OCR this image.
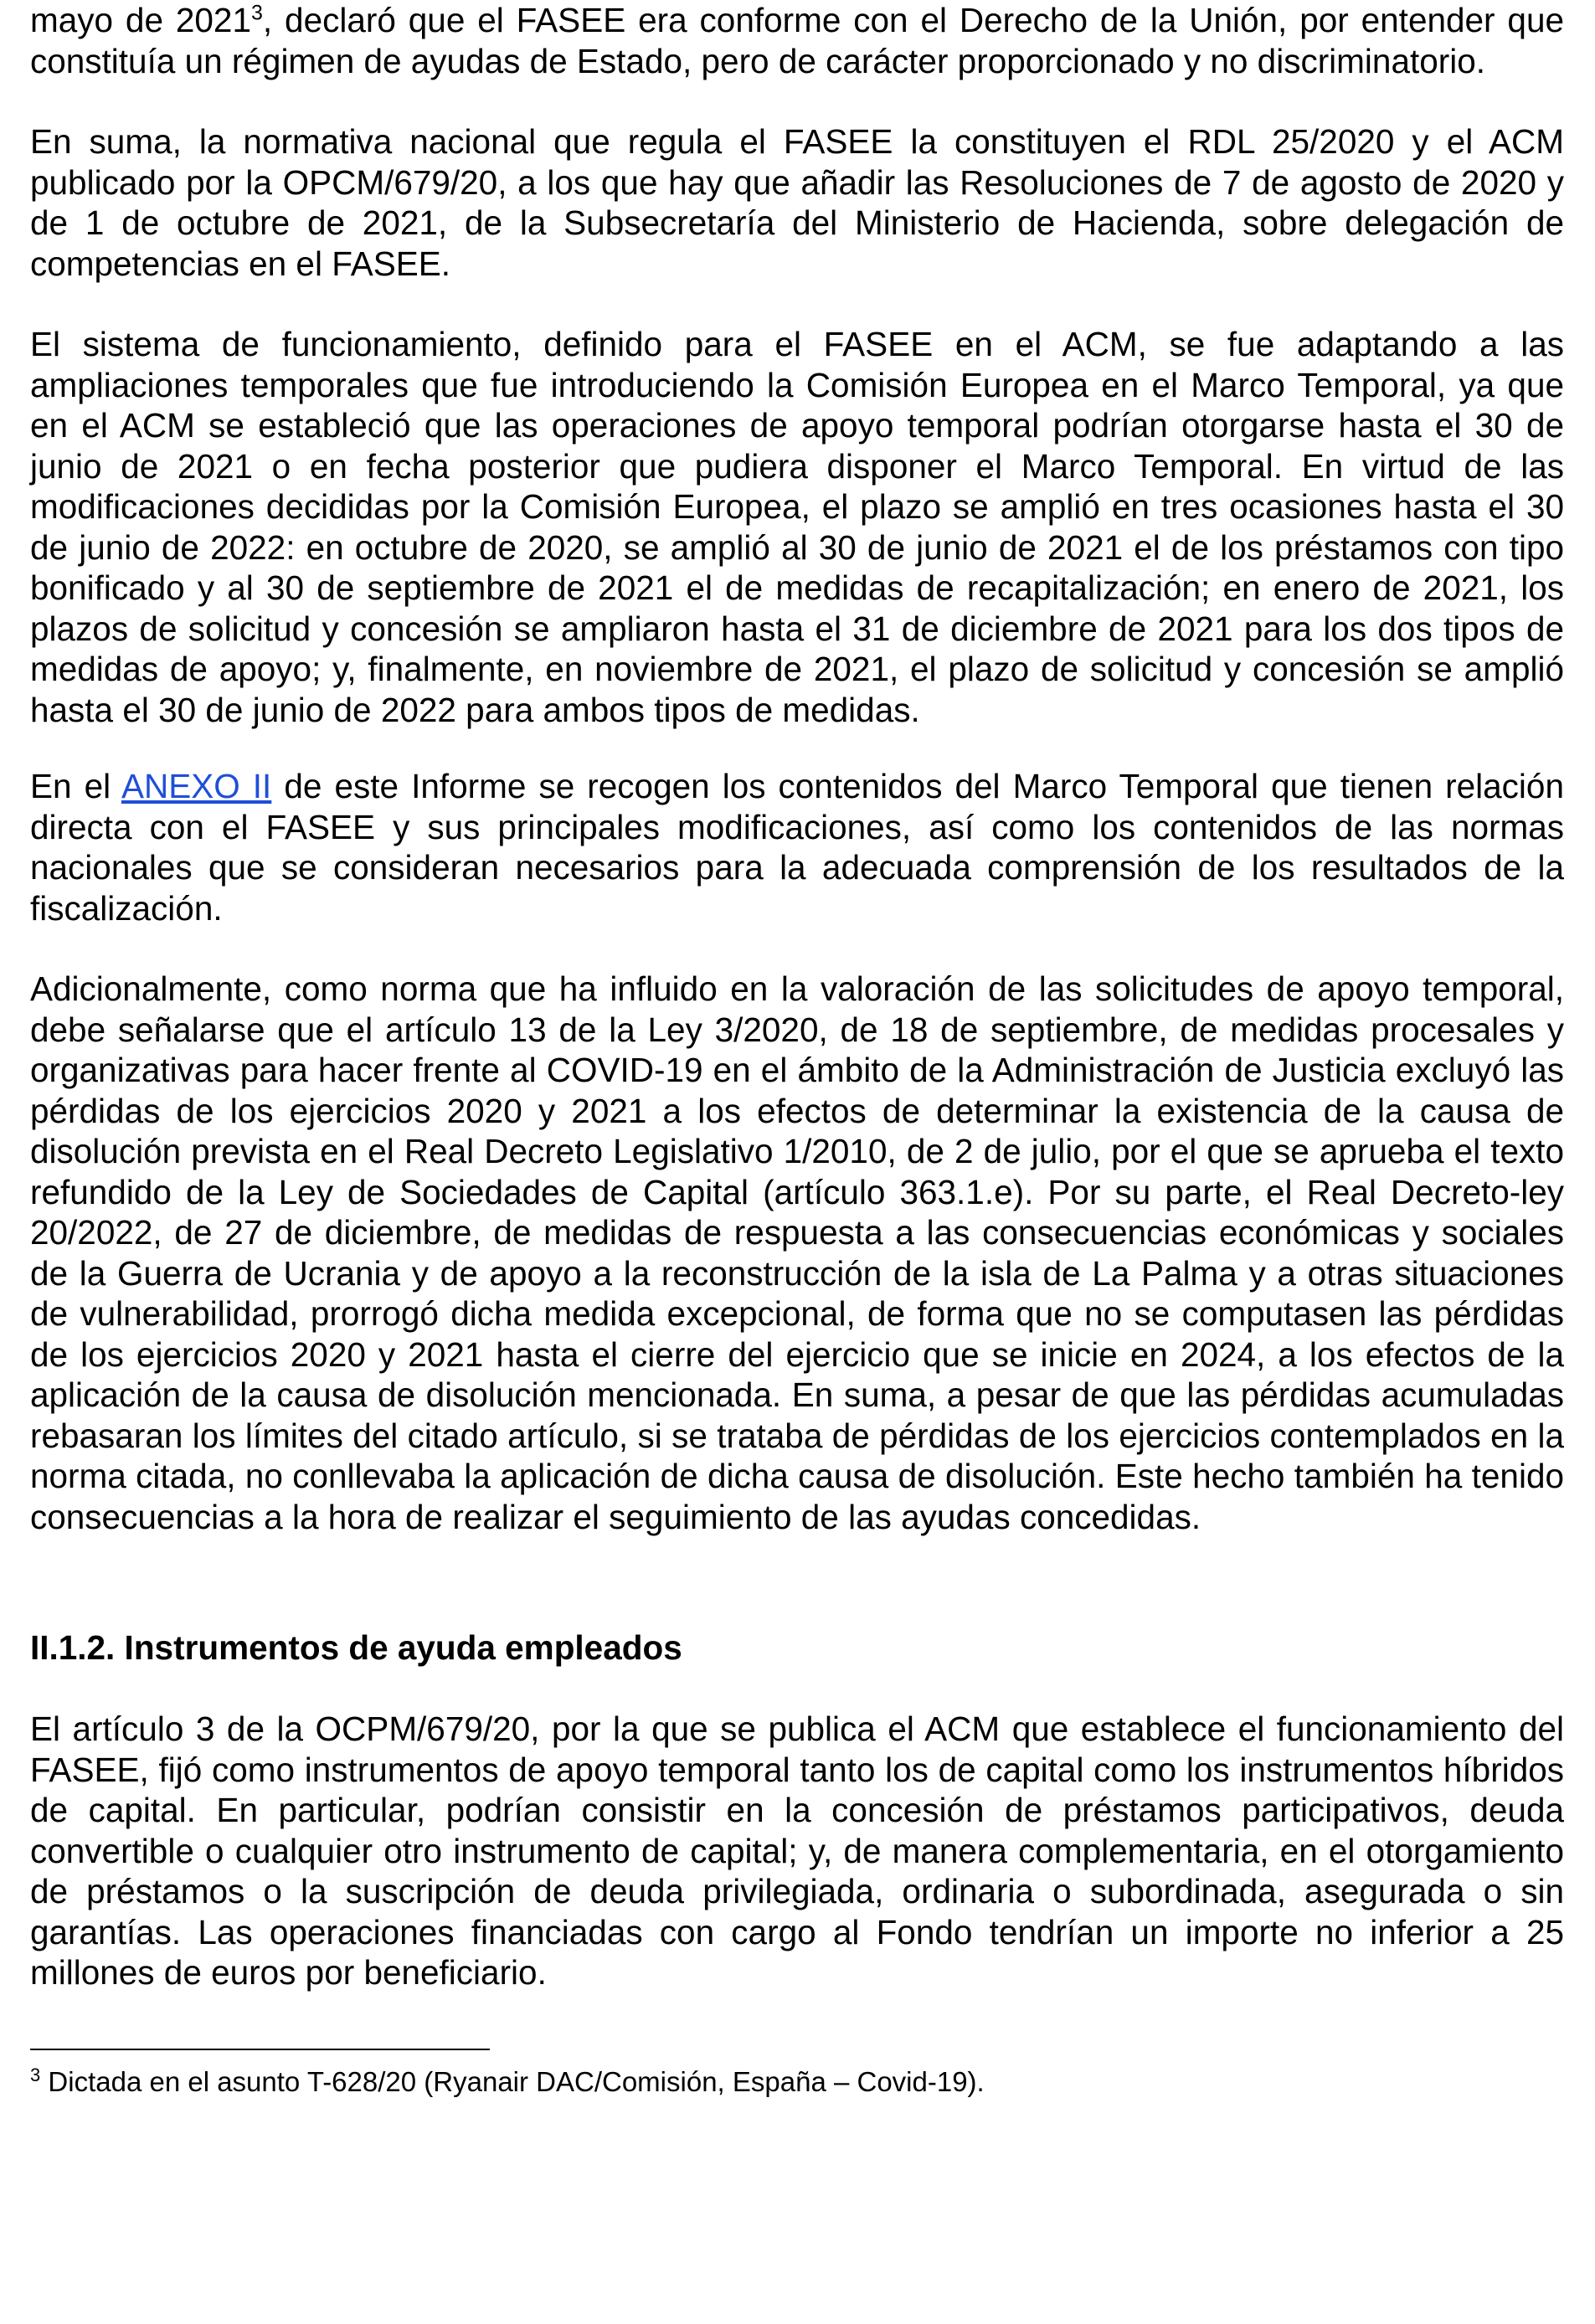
mayo de 2021$^3$, declaró que el FASEE era conforme con el Derecho de la Unión, por entender que constituía un régimen de ayudas de Estado, pero de carácter proporcionado y no discriminatorio.

En suma, la normativa nacional que regula el FASEE la constituyen el RDL 25/2020 y el ACM publicado por la OPCM/679/20, a los que hay que añadir las Resoluciones de 7 de agosto de 2020 y de 1 de octubre de 2021, de la Subsecretaría del Ministerio de Hacienda, sobre delegación de competencias en el FASEE.

El sistema de funcionamiento, definido para el FASEE en el ACM, se fue adaptando a las ampliaciones temporales que fue introduciendo la Comisión Europea en el Marco Temporal, ya que en el ACM se estableció que las operaciones de apoyo temporal podrían otorgarse hasta el 30 de junio de 2021 o en fecha posterior que pudiera disponer el Marco Temporal. En virtud de las modificaciones decididas por la Comisión Europea, el plazo se amplió en tres ocasiones hasta el 30 de junio de 2022: en octubre de 2020, se amplió al 30 de junio de 2021 el de los préstamos con tipo bonificado y al 30 de septiembre de 2021 el de medidas de recapitalización; en enero de 2021, los plazos de solicitud y concesión se ampliaron hasta el 31 de diciembre de 2021 para los dos tipos de medidas de apoyo; y, finalmente, en noviembre de 2021, el plazo de solicitud y concesión se amplió hasta el 30 de junio de 2022 para ambos tipos de medidas.

En el ANEXO II de este Informe se recogen los contenidos del Marco Temporal que tienen relación directa con el FASEE y sus principales modificaciones, así como los contenidos de las normas nacionales que se consideran necesarios para la adecuada comprensión de los resultados de la fiscalización.

Adicionalmente, como norma que ha influido en la valoración de las solicitudes de apoyo temporal, debe señalarse que el artículo 13 de la Ley 3/2020, de 18 de septiembre, de medidas procesales y organizativas para hacer frente al COVID-19 en el ámbito de la Administración de Justicia excluyó las pérdidas de los ejercicios 2020 y 2021 a los efectos de determinar la existencia de la causa de disolución prevista en el Real Decreto Legislativo 1/2010, de 2 de julio, por el que se aprueba el texto refundido de la Ley de Sociedades de Capital (artículo 363.1.e). Por su parte, el Real Decreto-ley 20/2022, de 27 de diciembre, de medidas de respuesta a las consecuencias económicas y sociales de la Guerra de Ucrania y de apoyo a la reconstrucción de la isla de La Palma y a otras situaciones de vulnerabilidad, prorrogó dicha medida excepcional, de forma que no se computasen las pérdidas de los ejercicios 2020 y 2021 hasta el cierre del ejercicio que se inicie en 2024, a los efectos de la aplicación de la causa de disolución mencionada. En suma, a pesar de que las pérdidas acumuladas rebasaran los límites del citado artículo, si se trataba de pérdidas de los ejercicios contemplados en la norma citada, no conllevaba la aplicación de dicha causa de disolución. Este hecho también ha tenido consecuencias a la hora de realizar el seguimiento de las ayudas concedidas.

II.1.2. Instrumentos de ayuda empleados

El artículo 3 de la OCPM/679/20, por la que se publica el ACM que establece el funcionamiento del FASEE, fijó como instrumentos de apoyo temporal tanto los de capital como los instrumentos híbridos de capital. En particular, podrían consistir en la concesión de préstamos participativos, deuda convertible o cualquier otro instrumento de capital; y, de manera complementaria, en el otorgamiento de préstamos o la suscripción de deuda privilegiada, ordinaria o subordinada, asegurada o sin garantías. Las operaciones financiadas con cargo al Fondo tendrían un importe no inferior a 25 millones de euros por beneficiario.

$^3$ Dictada en el asunto T-628/20 (Ryanair DAC/Comisión, España – Covid-19).
